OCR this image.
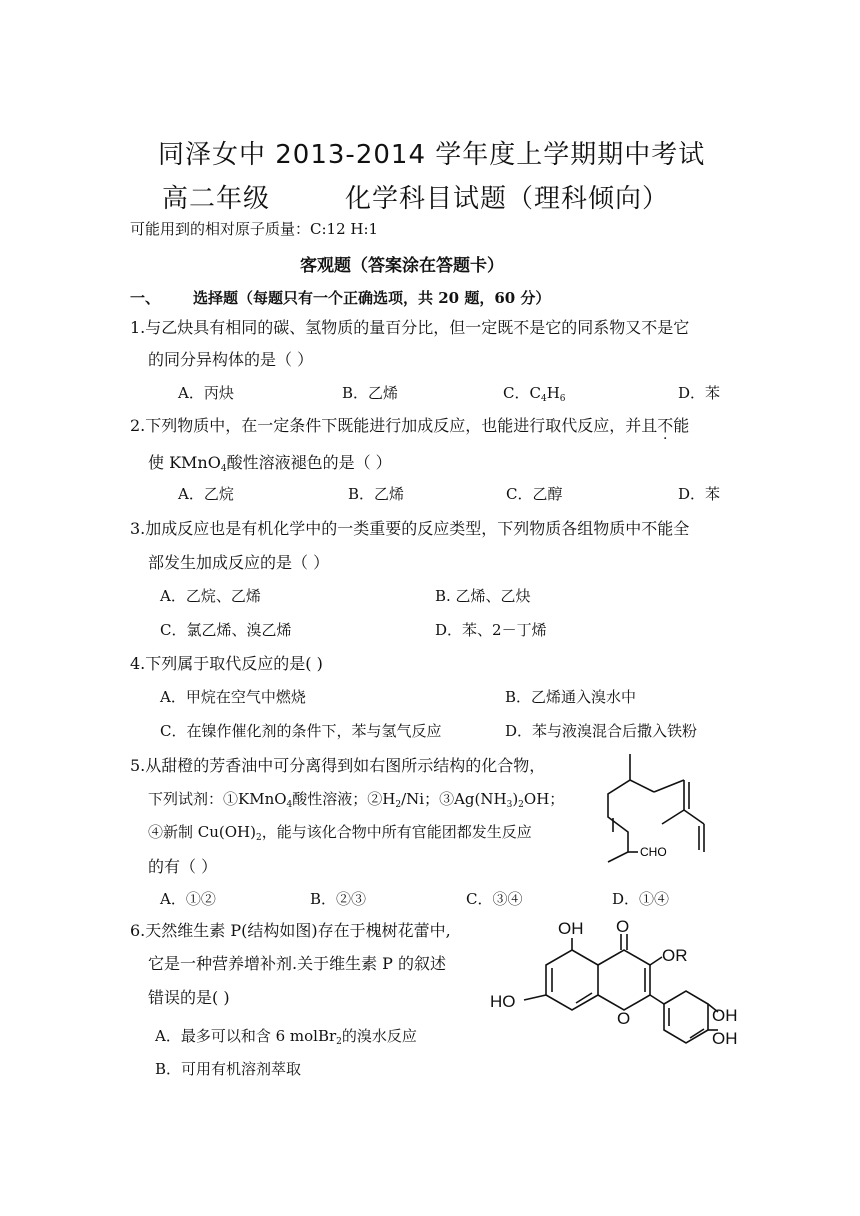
同泽女中 2013-2014 学年度上学期期中考试
高二年级	化学科目试题（理科倾向）
可能用到的相对原子质量：C:12 H:1
客观题（答案涂在答题卡）
一、 选择题（每题只有一个正确选项，共 20 题，60 分）
1.与乙炔具有相同的碳、氢物质的量百分比，但一定既不是它的同系物又不是它
的同分异构体的是（ ）
A．丙炔	B．乙烯	C．$C_4H_6$	D．苯
2.下列物质中，在一定条件下既能进行加成反应，也能进行取代反应，并且不能
使 KMnO$_4$酸性溶液褪色的是（ ）
A．乙烷	B．乙烯	C．乙醇	D．苯
3.加成反应也是有机化学中的一类重要的反应类型，下列物质各组物质中不能全
部发生加成反应的是（ ）
A．乙烷、乙烯	B. 乙烯、乙炔
C．氯乙烯、溴乙烯	D．苯、2－丁烯
4.下列属于取代反应的是( )
A．甲烷在空气中燃烧	B．乙烯通入溴水中
C．在镍作催化剂的条件下，苯与氢气反应	D．苯与液溴混合后撒入铁粉
5.从甜橙的芳香油中可分离得到如右图所示结构的化合物，
下列试剂：①KMnO$_4$酸性溶液；$②H_2/Ni$；$③Ag(NH_3)_2OH$；
④新制 $Cu(OH)_2$，能与该化合物中所有官能团都发生反应
的有（ ）
A．①②	B．②③	C．③④	D．①④
CHO
6.天然维生素 P(结构如图)存在于槐树花蕾中,
它是一种营养增补剂.关于维生素 P 的叙述
错误的是( )
A．最多可以和含 6 molBr$_2$的溴水反应
B．可用有机溶剂萃取
OH O
OR
HO
O	OH
OH
